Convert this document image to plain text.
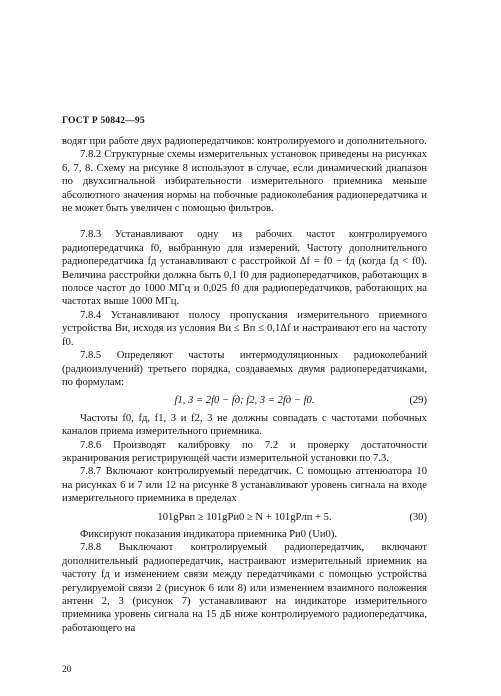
ГОСТ Р 50842—95

водят при работе двух радиопередатчиков: контролируемого и дополнительного.

7.8.2 Структурные схемы измерительных установок приведены на рисунках 6, 7, 8. Схему на рисунке 8 используют в случае, если динамический диапазон по двухсигнальной избирательности измерительного приемника меньше абсолютного значения нормы на побочные радиоколебания радиопередатчика и не может быть увеличен с помощью фильтров.

7.8.3 Устанавливают одну из рабочих частот контролируемого радиопередатчика f0, выбранную для измерений. Частоту дополнительного радиопередатчика fд устанавливают с расстройкой Δf = f0 − fд (когда fд < f0). Величина расстройки должна быть 0,1 f0 для радиопередатчиков, работающих в полосе частот до 1000 МГц и 0,025 f0 для радиопередатчиков, работающих на частотах выше 1000 МГц.

7.8.4 Устанавливают полосу пропускания измерительного приемного устройства Bи, исходя из условия Bи ≤ Bп ≤ 0,1Δf и настраивают его на частоту f0.

7.8.5 Определяют частоты интермодуляционных радиоколебаний (радиоизлучений) третьего порядка, создаваемых двумя радиопередатчиками, по формулам:

f1, 3 = 2f0 − fд; f2, 3 = 2fд − f0.	(29)

Частоты f0, fд, f1, 3 и f2, 3 не должны совпадать с частотами побочных каналов приема измерительного приемника.

7.8.6 Производят калибровку по 7.2 и проверку достаточности экранирования регистрирующей части измерительной установки по 7.3.

7.8.7 Включают контролируемый передатчик. С помощью аттенюатора 10 на рисунках 6 и 7 или 12 на рисунке 8 устанавливают уровень сигнала на входе измерительного приемника в пределах

101gPвп ≥ 101gPи0 ≥ N + 101gPлп + 5.	(30)

Фиксируют показания индикатора приемника Pи0 (Uи0).

7.8.8 Выключают контролируемый радиопередатчик, включают дополнительный радиопередатчик, настраивают измерительный приемник на частоту fд и изменением связи между передатчиками с помощью устройства регулируемой связи 2 (рисунок 6 или 8) или изменением взаимного положения антенн 2, 3 (рисунок 7) устанавливают на индикаторе измерительного приемника уровень сигнала на 15 дБ ниже контролируемого радиопередатчика, работающего на

20
